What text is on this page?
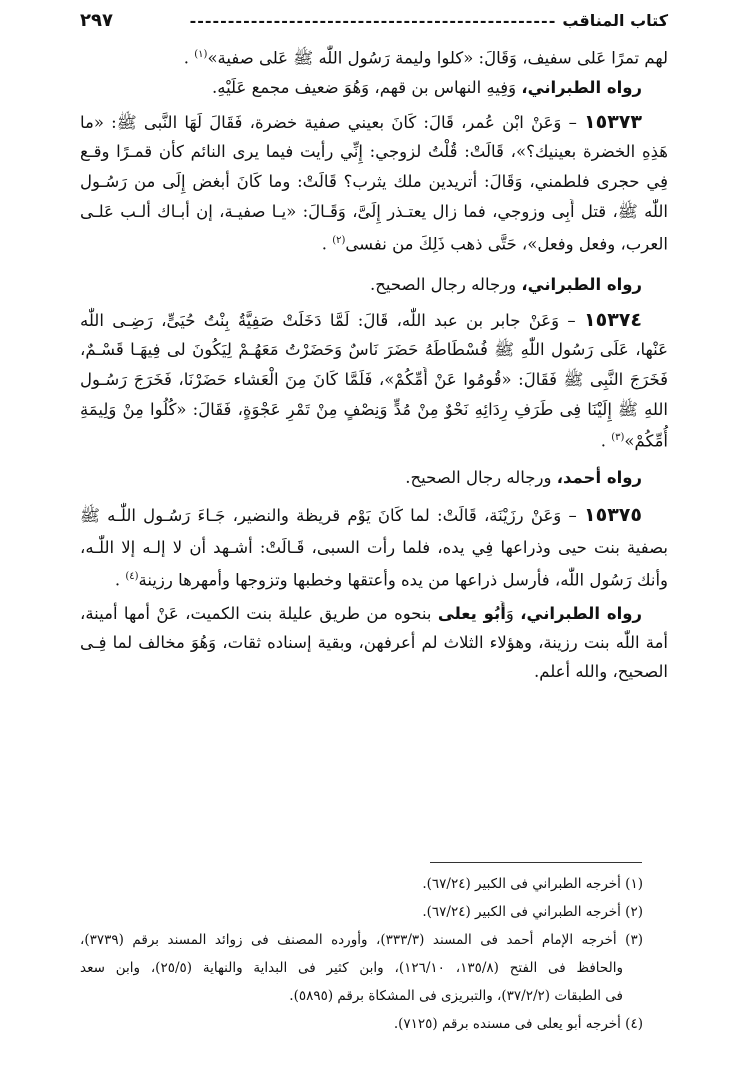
كتاب المناقب
------------------------------------------------
٢٩٧
لهم تمرًا عَلى سفيف، وَقَالَ: «كلوا وليمة رَسُول اللّٰه ﷺ عَلى صفية»$^{(١)}$ .
رواه الطبراني، وَفِيهِ النهاس بن قهم، وَهُوَ ضعيف مجمع عَلَيْهِ.
١٥٣٧٣ – وَعَنْ ابْن عُمر، قَالَ: كَانَ بعيني صفية خضرة، فَقَالَ لَهَا النَّبى ﷺ: «ما
هَذِهِ الخضرة بعينيك؟»، قَالَتْ: قُلْتُ لزوجي: إِنِّي رأيت فيما يرى النائم كأن قمـرًا وقـع
فِي حجرى فلطمني، وَقَالَ: أتريدين ملك يثرب؟ قَالَتْ: وما كَانَ أبغض إِلَى من رَسُـول
اللّٰه ﷺ، قتل أَبِى وزوجي، فما زال يعتـذر إِلَىَّ، وَقَـالَ: «يـا صفيـة، إن أبـاك ألـب عَلـى
العرب، وفعل وفعل»، حَتَّى ذهب ذَلِكَ من نفسى$^{(٢)}$ .
رواه الطبراني، ورجاله رجال الصحيح.
١٥٣٧٤ – وَعَنْ جابر بن عبد اللّٰه، قَالَ: لَمَّا دَخَلَتْ صَفِيَّةُ بِنْتُ حُيَىٍّ، رَضِـى اللّٰه
عَنْها، عَلَى رَسُول اللّٰهِ ﷺ فُسْطَاطَهُ حَضَرَ نَاسٌ وَحَضَرْتُ مَعَهُـمْ لِيَكُونَ لى فِيهَـا قَسْـمٌ،
فَخَرَجَ النَّبِى ﷺ فَقَالَ: «قُومُوا عَنْ أُمِّكُمْ»، فَلَمَّا كَانَ مِنَ الْعَشاء حَضَرْنَا، فَخَرَجَ رَسُـول
اللهِ ﷺ إِلَيْنَا فِى طَرَفِ رِدَائِهِ نَحْوٌ مِنْ مُدٍّ وَنِصْفٍ مِنْ تَمْرِ عَجْوَةٍ، فَقَالَ: «كُلُوا مِنْ وَلِيمَةِ
أُمِّكُمْ»$^{(٣)}$ .
رواه أحمد، ورجاله رجال الصحيح.
١٥٣٧٥ – وَعَنْ رزَيْنَة، قَالَتْ: لما كَانَ يَوْم قريظة والنضير، جَـاءَ رَسُـول اللّٰـه ﷺ
بصفية بنت حيى وذراعها فِي يده، فلما رأت السبى، قَـالَتْ: أشـهد أن لا إلـه إلا اللّٰـه،
وأنك رَسُول اللّٰه، فأرسل ذراعها من يده وأعتقها وخطبها وتزوجها وأمهرها رزينة$^{(٤)}$ .
رواه الطبراني، وَأَبُو يعلى بنحوه من طريق عليلة بنت الكميت، عَنْ أمها أمينة،
أمة اللّٰه بنت رزينة، وهؤلاء الثلاث لم أعرفهن، وبقية إسناده ثقات، وَهُوَ مخالف لما فِـى
الصحيح، والله أعلم.
(١) أخرجه الطبراني فى الكبير (٦٧/٢٤).
(٢) أخرجه الطبراني فى الكبير (٦٧/٢٤).
(٣) أخرجه الإمام أحمد فى المسند (٣٣٣/٣)، وأورده المصنف فى زوائد المسند برقم (٣٧٣٩)،
والحافظ فى الفتح (١٣٥/٨، ١٢٦/١٠)، وابن كثير فى البداية والنهاية (٢٥/٥)، وابن سعد
فى الطبقات (٣٧/٢/٢)، والتبريزى فى المشكاة برقم (٥٨٩٥).
(٤) أخرجه أبو يعلى فى مسنده برقم (٧١٢٥).
